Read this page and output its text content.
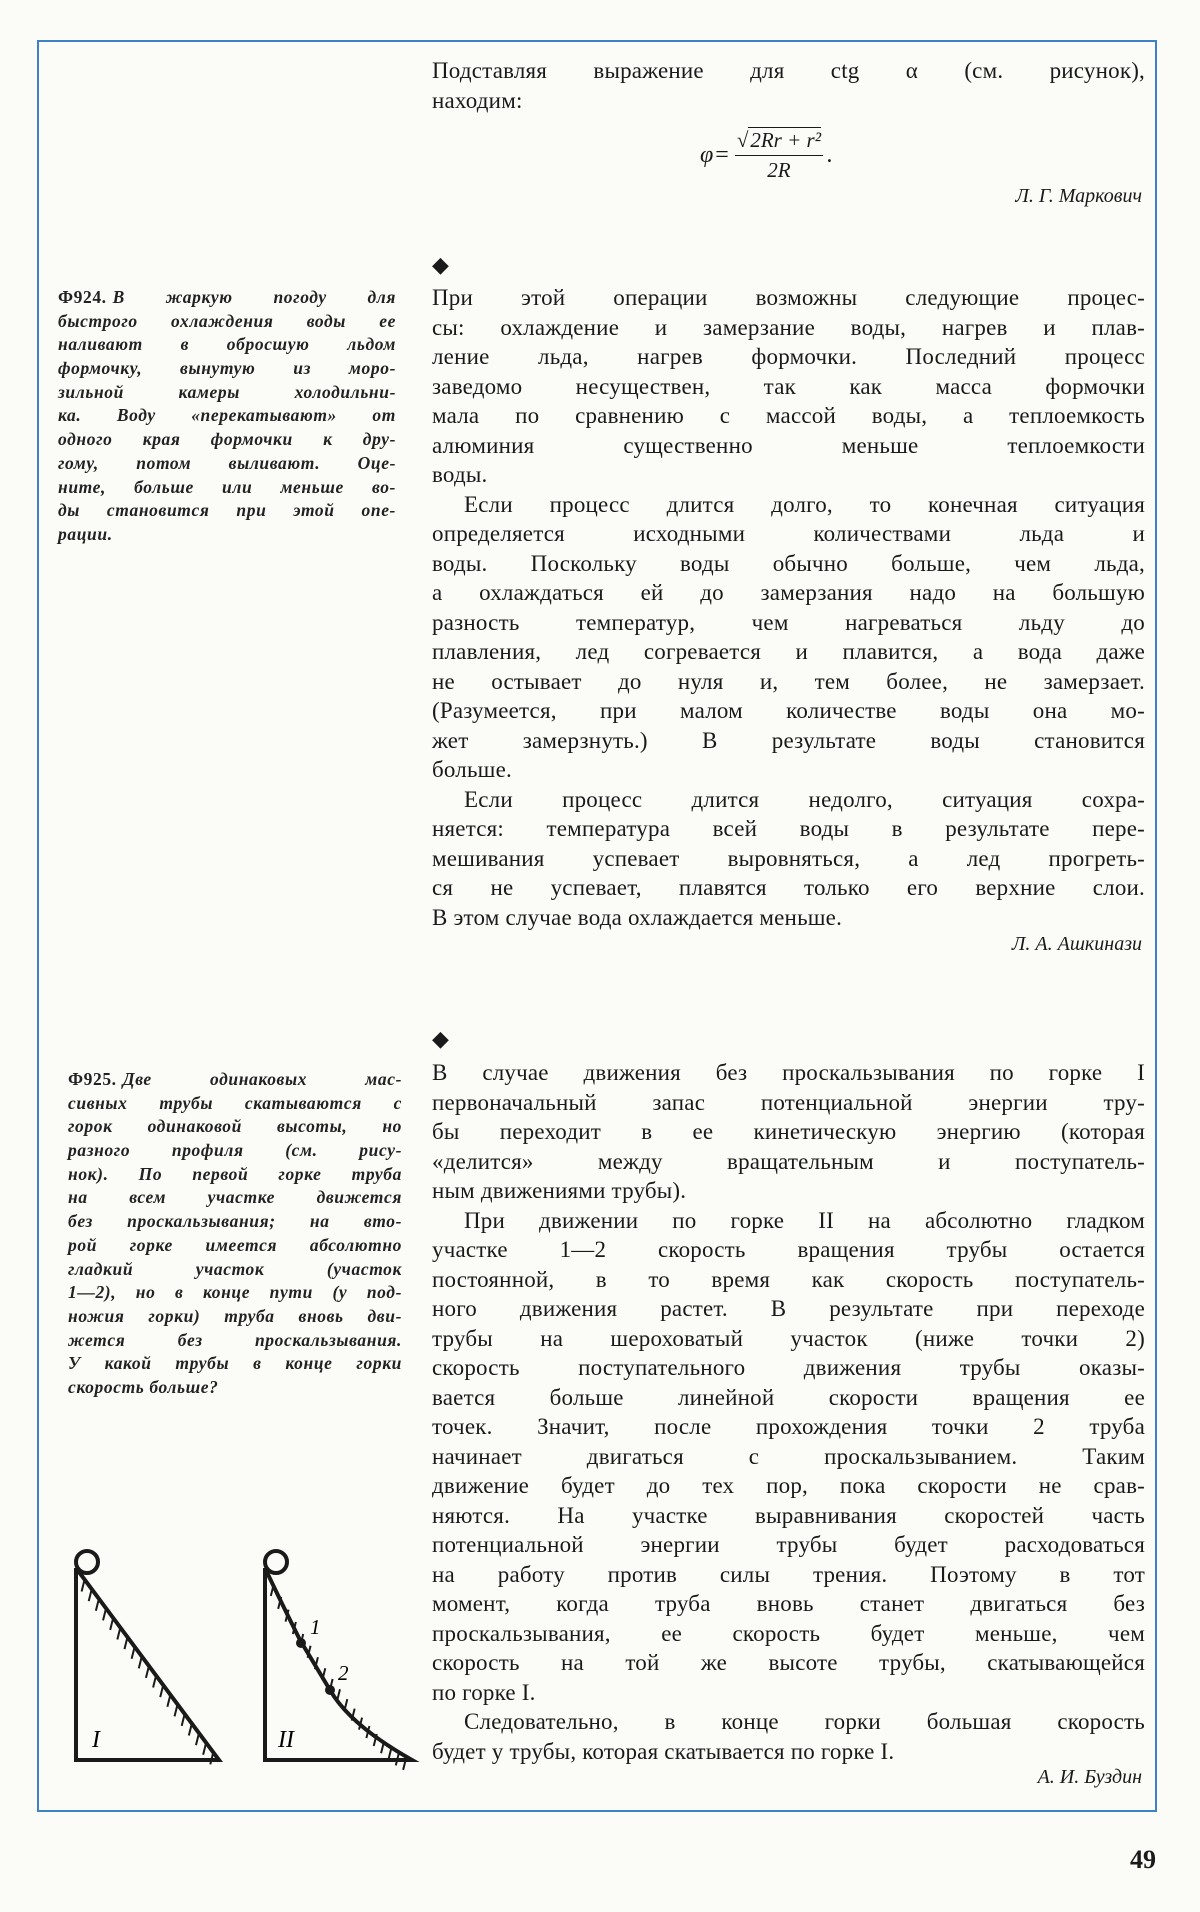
Подставляя выражение для ctg α (см. рисунок),
находим:
$\varphi = \frac{\text{√2Rr + r²}}{2R}$ .
Л. Г. Маркович
◆
Ф924. В жаркую погоду для
быстрого охлаждения воды ее
наливают в обросшую льдом
формочку, вынутую из моро-
зильной камеры холодильни-
ка. Воду «перекатывают» от
одного края формочки к дру-
гому, потом выливают. Оце-
ните, больше или меньше во-
ды становится при этой опе-
рации.
При этой операции возможны следующие процес-
сы: охлаждение и замерзание воды, нагрев и плав-
ление льда, нагрев формочки. Последний процесс
заведомо несуществен, так как масса формочки
мала по сравнению с массой воды, а теплоемкость
алюминия существенно меньше теплоемкости
воды.
Если процесс длится долго, то конечная ситуация
определяется исходными количествами льда и
воды. Поскольку воды обычно больше, чем льда,
а охлаждаться ей до замерзания надо на большую
разность температур, чем нагреваться льду до
плавления, лед согревается и плавится, а вода даже
не остывает до нуля и, тем более, не замерзает.
(Разумеется, при малом количестве воды она мо-
жет замерзнуть.) В результате воды становится
больше.
Если процесс длится недолго, ситуация сохра-
няется: температура всей воды в результате пере-
мешивания успевает выровняться, а лед прогреть-
ся не успевает, плавятся только его верхние слои.
В этом случае вода охлаждается меньше.
Л. А. Ашкинази
◆
Ф925. Две одинаковых мас-
сивных трубы скатываются с
горок одинаковой высоты, но
разного профиля (см. рису-
нок). По первой горке труба
на всем участке движется
без проскальзывания; на вто-
рой горке имеется абсолютно
гладкий участок (участок
1—2), но в конце пути (у под-
ножия горки) труба вновь дви-
жется без проскальзывания.
У какой трубы в конце горки
скорость больше?
В случае движения без проскальзывания по горке I
первоначальный запас потенциальной энергии тру-
бы переходит в ее кинетическую энергию (которая
«делится» между вращательным и поступатель-
ным движениями трубы).
При движении по горке II на абсолютно гладком
участке 1—2 скорость вращения трубы остается
постоянной, в то время как скорость поступатель-
ного движения растет. В результате при переходе
трубы на шероховатый участок (ниже точки 2)
скорость поступательного движения трубы оказы-
вается больше линейной скорости вращения ее
точек. Значит, после прохождения точки 2 труба
начинает двигаться с проскальзыванием. Таким
движение будет до тех пор, пока скорости не срав-
няются. На участке выравнивания скоростей часть
потенциальной энергии трубы будет расходоваться
на работу против силы трения. Поэтому в тот
момент, когда труба вновь станет двигаться без
проскальзывания, ее скорость будет меньше, чем
скорость на той же высоте трубы, скатывающейся
по горке I.
Следовательно, в конце горки большая скорость
будет у трубы, которая скатывается по горке I.
А. И. Буздин
I	II
1
2
49
